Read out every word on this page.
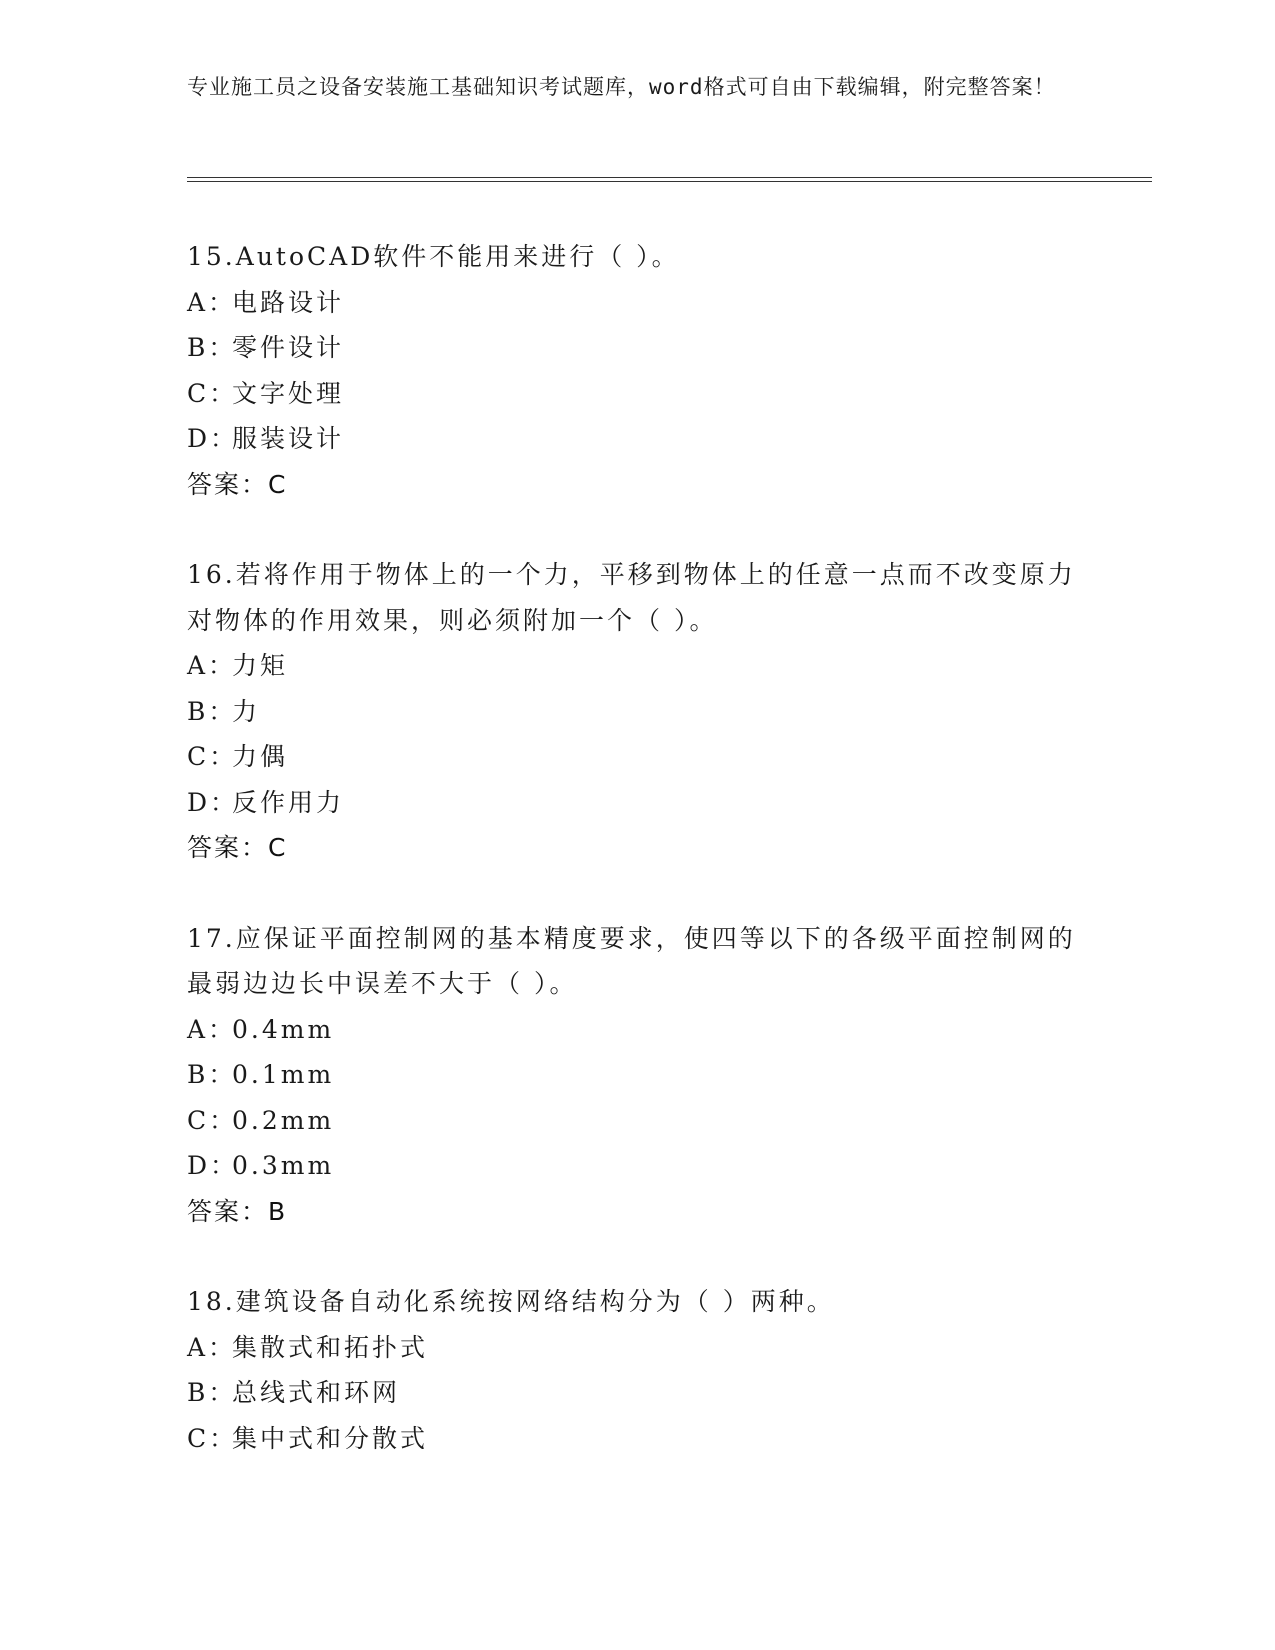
专业施工员之设备安装施工基础知识考试题库，word格式可自由下载编辑，附完整答案！
15.AutoCAD软件不能用来进行（ ）。
A：电路设计
B：零件设计
C：文字处理
D：服装设计
答案：C
16.若将作用于物体上的一个力，平移到物体上的任意一点而不改变原力对物体的作用效果，则必须附加一个（ ）。
A：力矩
B：力
C：力偶
D：反作用力
答案：C
17.应保证平面控制网的基本精度要求，使四等以下的各级平面控制网的最弱边边长中误差不大于（ ）。
A：0.4mm
B：0.1mm
C：0.2mm
D：0.3mm
答案：B
18.建筑设备自动化系统按网络结构分为（ ）两种。
A：集散式和拓扑式
B：总线式和环网
C：集中式和分散式
